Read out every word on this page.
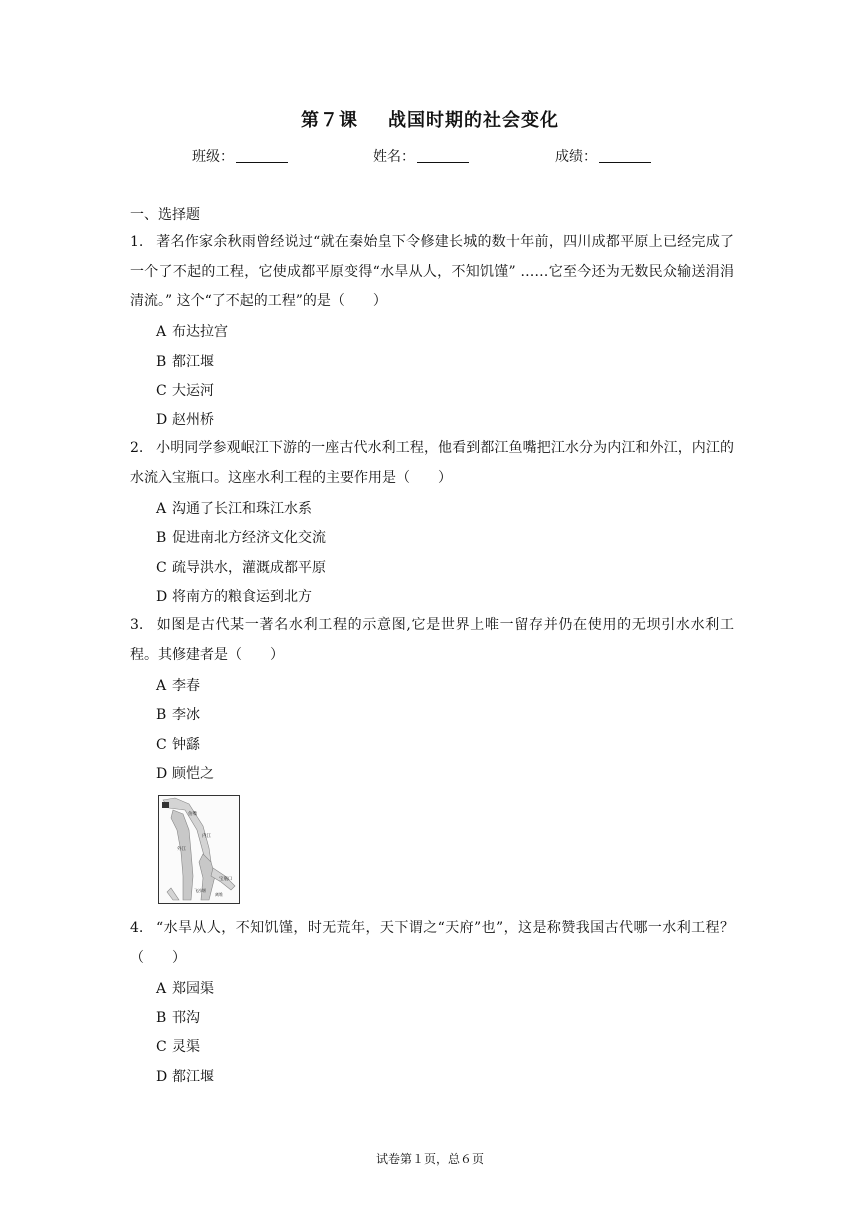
第７课 战国时期的社会变化
班级：	姓名：	成绩：
一、选择题
1. 著名作家余秋雨曾经说过“就在秦始皇下令修建长城的数十年前，四川成都平原上已经完成了一个了不起的工程，它使成都平原变得“水旱从人，不知饥馑” ……它至今还为无数民众输送涓涓清流。” 这个“了不起的工程”的是（　　）
A 布达拉宫
B 都江堰
C 大运河
D 赵州桥
2. 小明同学参观岷江下游的一座古代水利工程，他看到都江鱼嘴把江水分为内江和外江，内江的水流入宝瓶口。这座水利工程的主要作用是（　　）
A 沟通了长江和珠江水系
B 促进南北方经济文化交流
C 疏导洪水，灌溉成都平原
D 将南方的粮食运到北方
3. 如图是古代某一著名水利工程的示意图,它是世界上唯一留存并仍在使用的无坝引水水利工程。其修建者是（　　）
A 李春
B 李冰
C 钟繇
D 顾恺之
鱼嘴
内江
外江
宝瓶口
飞沙堰
离堆
4. “水旱从人，不知饥馑，时无荒年，天下谓之“天府”也”，这是称赞我国古代哪一水利工程？（　　）
A 郑园渠
B 邗沟
C 灵渠
D 都江堰
试卷第１页，总６页
